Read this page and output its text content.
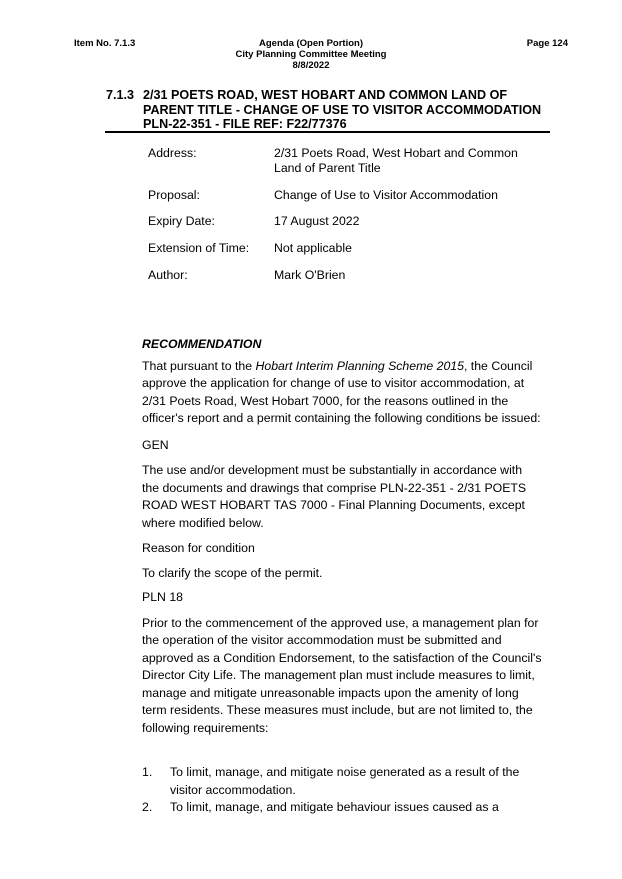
Item No. 7.1.3	Agenda (Open Portion)
City Planning Committee Meeting
8/8/2022
Page 124
7.1.3 2/31 POETS ROAD, WEST HOBART AND COMMON LAND OF PARENT TITLE - CHANGE OF USE TO VISITOR ACCOMMODATION PLN-22-351 - FILE REF: F22/77376
Address:	2/31 Poets Road, West Hobart and Common Land of Parent Title
Proposal:	Change of Use to Visitor Accommodation
Expiry Date:	17 August 2022
Extension of Time: Not applicable
Author:	Mark O'Brien

RECOMMENDATION

That pursuant to the Hobart Interim Planning Scheme 2015, the Council approve the application for change of use to visitor accommodation, at 2/31 Poets Road, West Hobart 7000, for the reasons outlined in the officer's report and a permit containing the following conditions be issued:

GEN

The use and/or development must be substantially in accordance with the documents and drawings that comprise PLN-22-351 - 2/31 POETS ROAD WEST HOBART TAS 7000 - Final Planning Documents, except where modified below.

Reason for condition

To clarify the scope of the permit.

PLN 18

Prior to the commencement of the approved use, a management plan for the operation of the visitor accommodation must be submitted and approved as a Condition Endorsement, to the satisfaction of the Council's Director City Life. The management plan must include measures to limit, manage and mitigate unreasonable impacts upon the amenity of long term residents. These measures must include, but are not limited to, the following requirements:

1. To limit, manage, and mitigate noise generated as a result of the visitor accommodation.
2. To limit, manage, and mitigate behaviour issues caused as a
